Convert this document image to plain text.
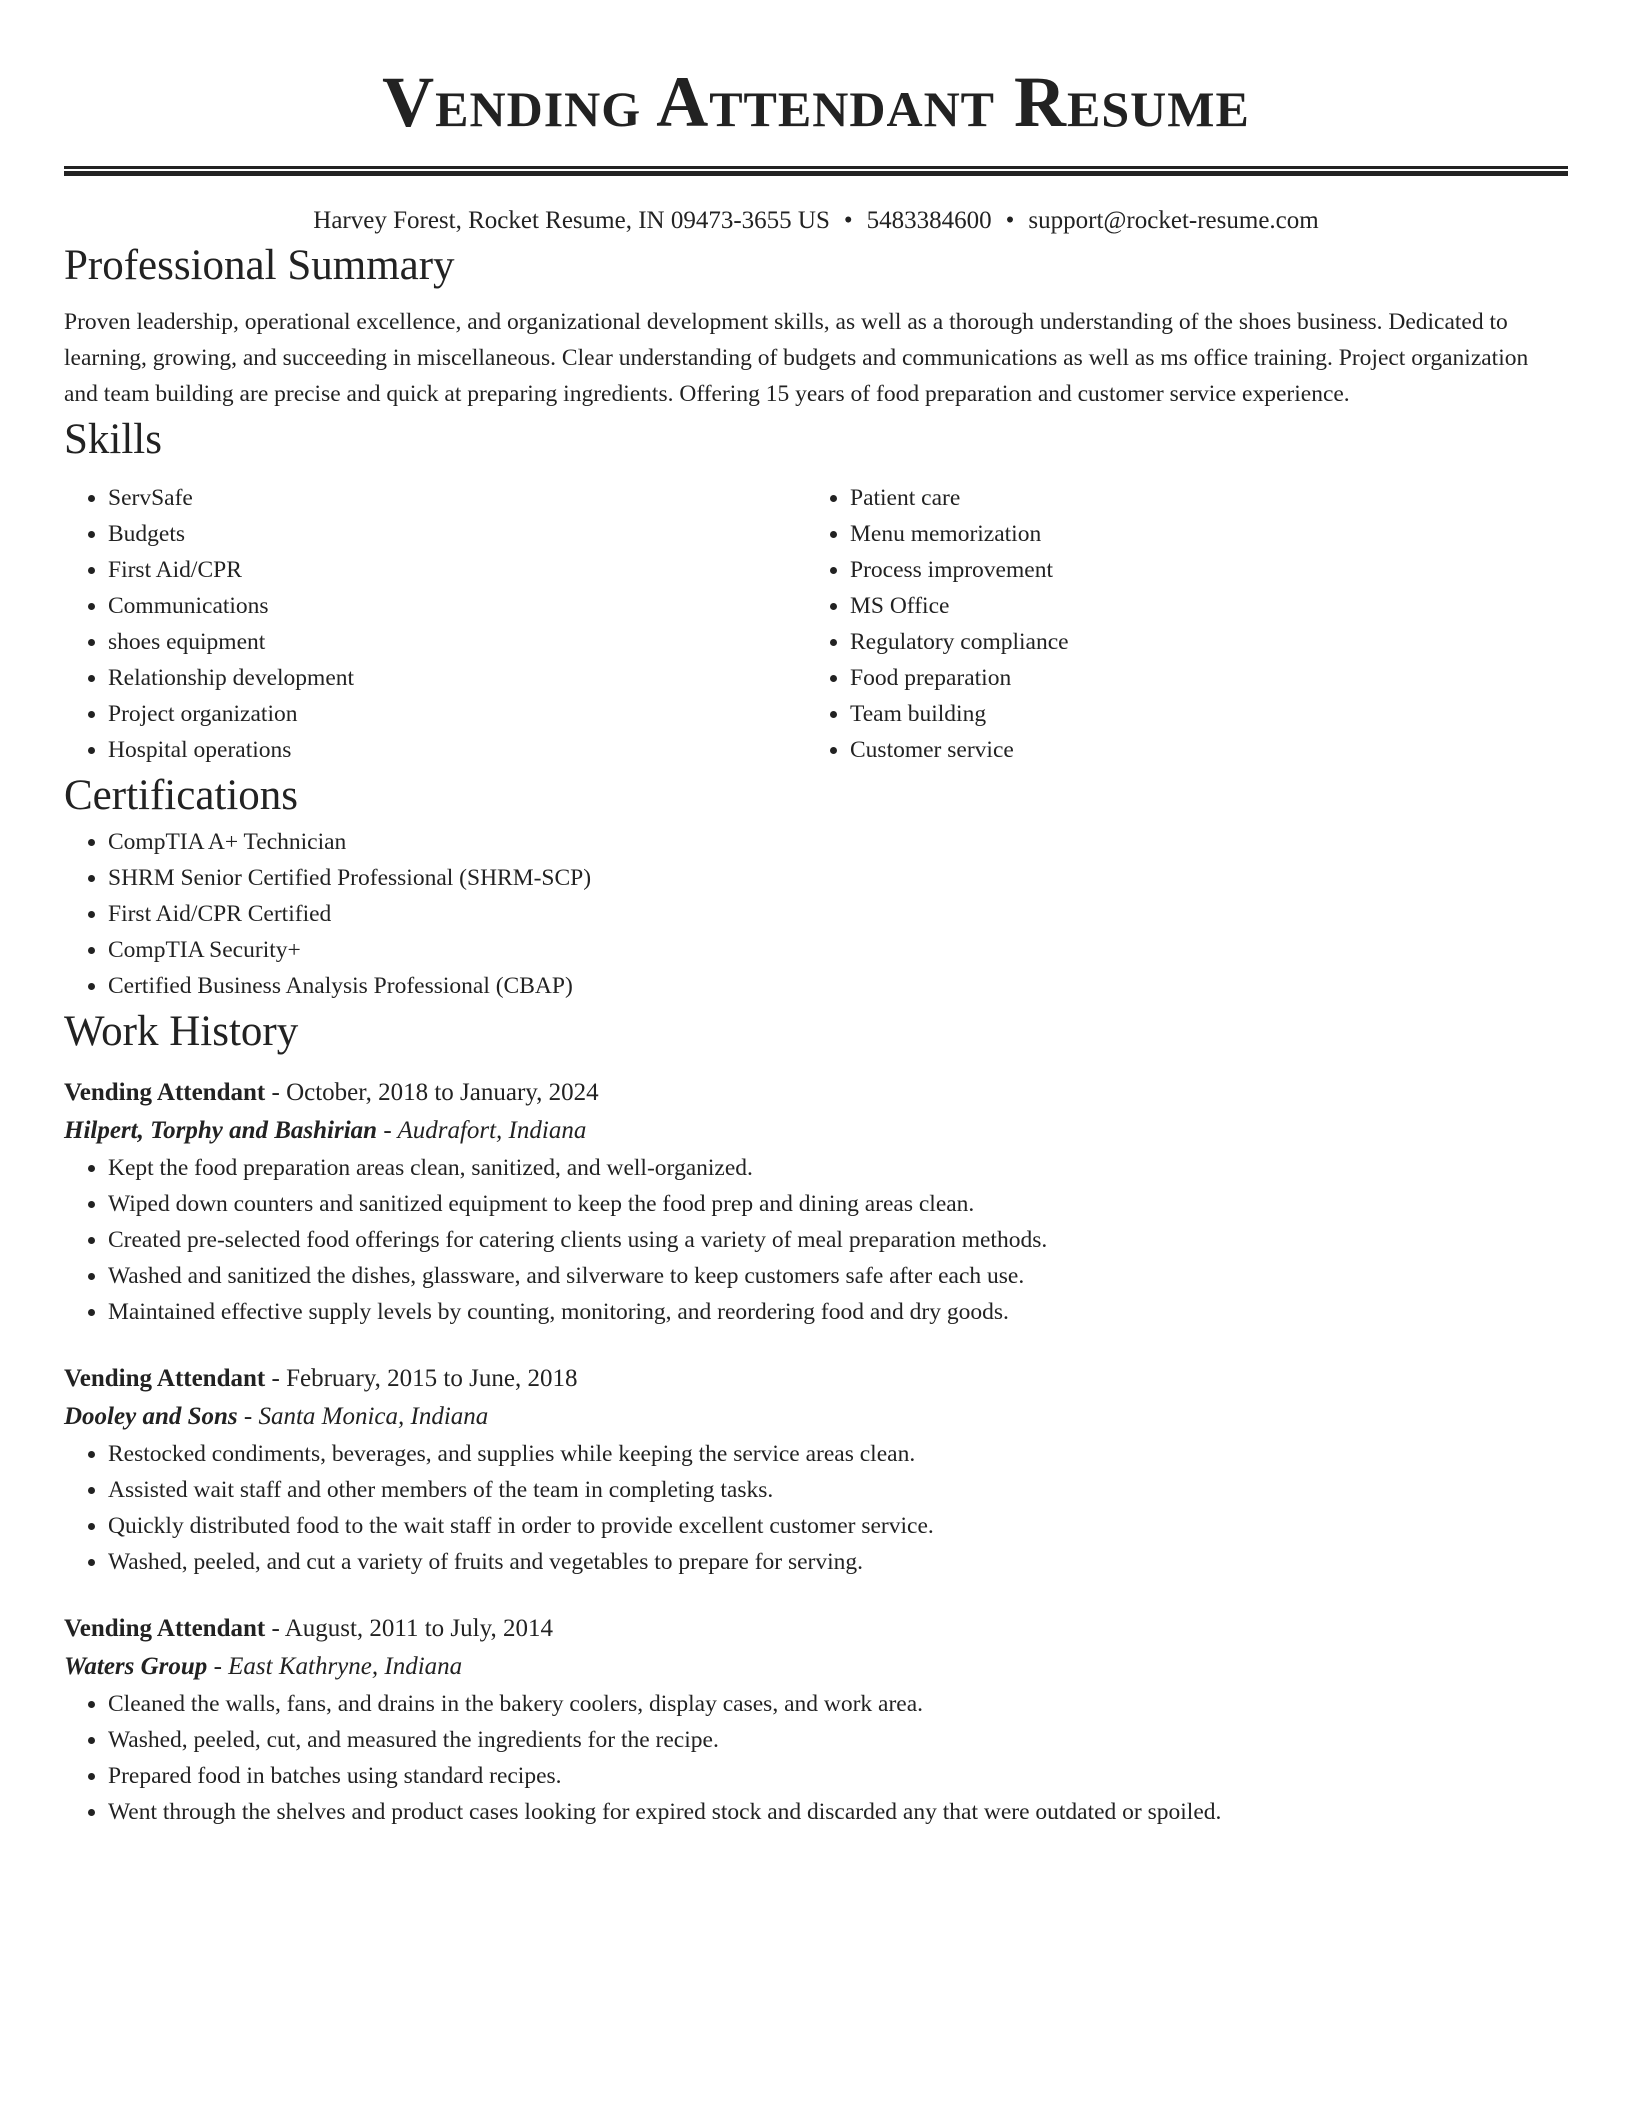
Vending Attendant Resume
Harvey Forest, Rocket Resume, IN 09473-3655 US • 5483384600 • support@rocket-resume.com
Professional Summary

Proven leadership, operational excellence, and organizational development skills, as well as a thorough understanding of the shoes business. Dedicated to learning, growing, and succeeding in miscellaneous. Clear understanding of budgets and communications as well as ms office training. Project organization and team building are precise and quick at preparing ingredients. Offering 15 years of food preparation and customer service experience.

Skills
• ServSafe
• Budgets
• First Aid/CPR
• Communications
• shoes equipment
• Relationship development
• Project organization
• Hospital operations
• Patient care
• Menu memorization
• Process improvement
• MS Office
• Regulatory compliance
• Food preparation
• Team building
• Customer service
Certifications
• CompTIA A+ Technician
• SHRM Senior Certified Professional (SHRM-SCP)
• First Aid/CPR Certified
• CompTIA Security+
• Certified Business Analysis Professional (CBAP)
Work History
Vending Attendant - October, 2018 to January, 2024
Hilpert, Torphy and Bashirian - Audrafort, Indiana
• Kept the food preparation areas clean, sanitized, and well-organized.
• Wiped down counters and sanitized equipment to keep the food prep and dining areas clean.
• Created pre-selected food offerings for catering clients using a variety of meal preparation methods.
• Washed and sanitized the dishes, glassware, and silverware to keep customers safe after each use.
• Maintained effective supply levels by counting, monitoring, and reordering food and dry goods.
Vending Attendant - February, 2015 to June, 2018
Dooley and Sons - Santa Monica, Indiana
• Restocked condiments, beverages, and supplies while keeping the service areas clean.
• Assisted wait staff and other members of the team in completing tasks.
• Quickly distributed food to the wait staff in order to provide excellent customer service.
• Washed, peeled, and cut a variety of fruits and vegetables to prepare for serving.
Vending Attendant - August, 2011 to July, 2014
Waters Group - East Kathryne, Indiana
• Cleaned the walls, fans, and drains in the bakery coolers, display cases, and work area.
• Washed, peeled, cut, and measured the ingredients for the recipe.
• Prepared food in batches using standard recipes.
• Went through the shelves and product cases looking for expired stock and discarded any that were outdated or spoiled.
